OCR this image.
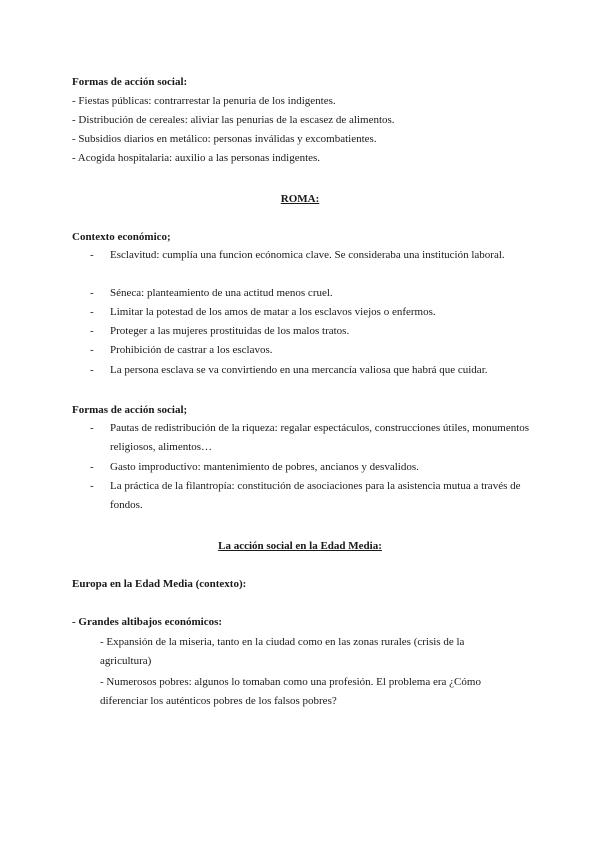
Formas de acción social:
- Fiestas públicas: contrarrestar la penuria de los indigentes.
- Distribución de cereales: aliviar las penurias de la escasez de alimentos.
- Subsidios diarios en metálico: personas inválidas y excombatientes.
- Acogida hospitalaria: auxilio a las personas indigentes.
ROMA:
Contexto económico;
- Esclavitud: cumplía una funcion ecónomica clave. Se consideraba una institución laboral.
- Séneca: planteamiento de una actitud menos cruel.
- Limitar la potestad de los amos de matar a los esclavos viejos o enfermos.
- Proteger a las mujeres prostituidas de los malos tratos.
- Prohibición de castrar a los esclavos.
- La persona esclava se va convirtiendo en una mercancía valiosa que habrá que cuidar.
Formas de acción social;
- Pautas de redistribución de la riqueza: regalar espectáculos, construcciones útiles, monumentos religiosos, alimentos…
- Gasto improductivo: mantenimiento de pobres, ancianos y desvalidos.
- La práctica de la filantropía: constitución de asociaciones para la asistencia mutua a través de fondos.
La acción social en la Edad Media:
Europa en la Edad Media (contexto):
- Grandes altibajos económicos:
- Expansión de la miseria, tanto en la ciudad como en las zonas rurales (crisis de la agricultura)
- Numerosos pobres: algunos lo tomaban como una profesión. El problema era ¿Cómo diferenciar los auténticos pobres de los falsos pobres?
